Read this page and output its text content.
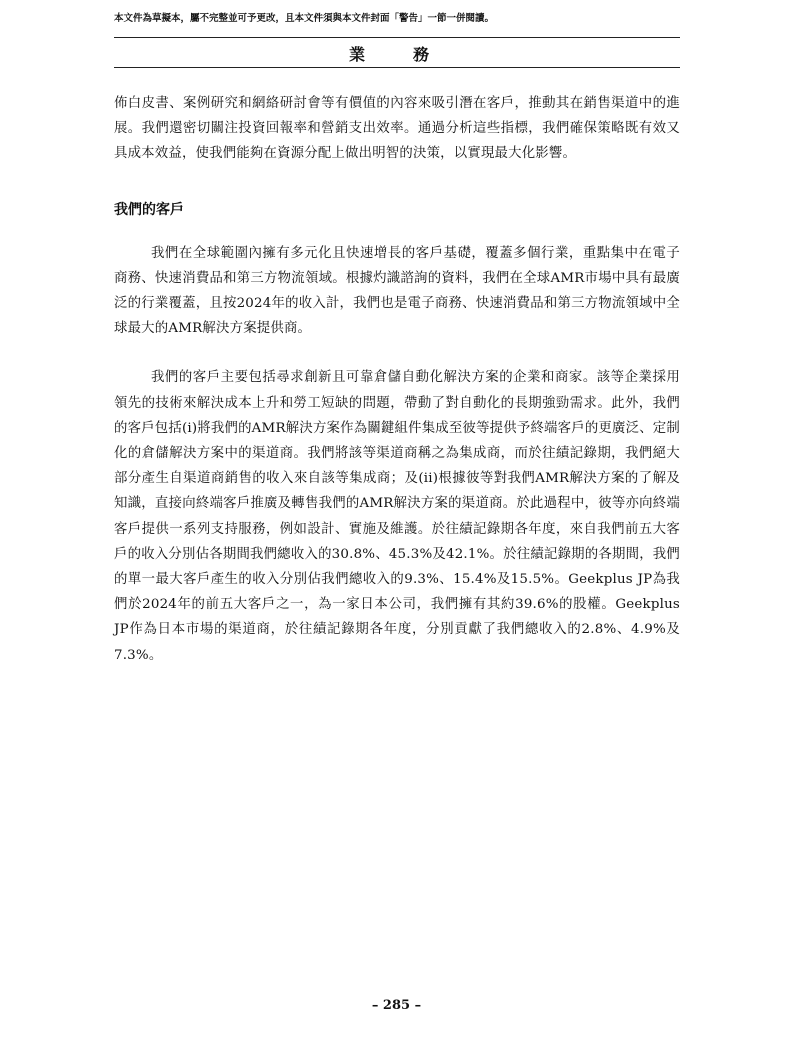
本文件為草擬本，屬不完整並可予更改，且本文件須與本文件封面「警告」一節一併閱讀。
業　務

佈白皮書、案例研究和網絡研討會等有價值的內容來吸引潛在客戶，推動其在銷售渠道中的進展。我們還密切關注投資回報率和營銷支出效率。通過分析這些指標，我們確保策略既有效又具成本效益，使我們能夠在資源分配上做出明智的決策，以實現最大化影響。

我們的客戶

我們在全球範圍內擁有多元化且快速增長的客戶基礎，覆蓋多個行業，重點集中在電子商務、快速消費品和第三方物流領域。根據灼識諮詢的資料，我們在全球AMR市場中具有最廣泛的行業覆蓋，且按2024年的收入計，我們也是電子商務、快速消費品和第三方物流領域中全球最大的AMR解決方案提供商。

我們的客戶主要包括尋求創新且可靠倉儲自動化解決方案的企業和商家。該等企業採用領先的技術來解決成本上升和勞工短缺的問題，帶動了對自動化的長期強勁需求。此外，我們的客戶包括(i)將我們的AMR解決方案作為關鍵組件集成至彼等提供予終端客戶的更廣泛、定制化的倉儲解決方案中的渠道商。我們將該等渠道商稱之為集成商，而於往績記錄期，我們絕大部分產生自渠道商銷售的收入來自該等集成商；及(ii)根據彼等對我們AMR解決方案的了解及知識，直接向終端客戶推廣及轉售我們的AMR解決方案的渠道商。於此過程中，彼等亦向終端客戶提供一系列支持服務，例如設計、實施及維護。於往績記錄期各年度，來自我們前五大客戶的收入分別佔各期間我們總收入的30.8%、45.3%及42.1%。於往績記錄期的各期間，我們的單一最大客戶產生的收入分別佔我們總收入的9.3%、15.4%及15.5%。Geekplus JP為我們於2024年的前五大客戶之一，為一家日本公司，我們擁有其約39.6%的股權。Geekplus JP作為日本市場的渠道商，於往績記錄期各年度，分別貢獻了我們總收入的2.8%、4.9%及7.3%。

– 285 –
